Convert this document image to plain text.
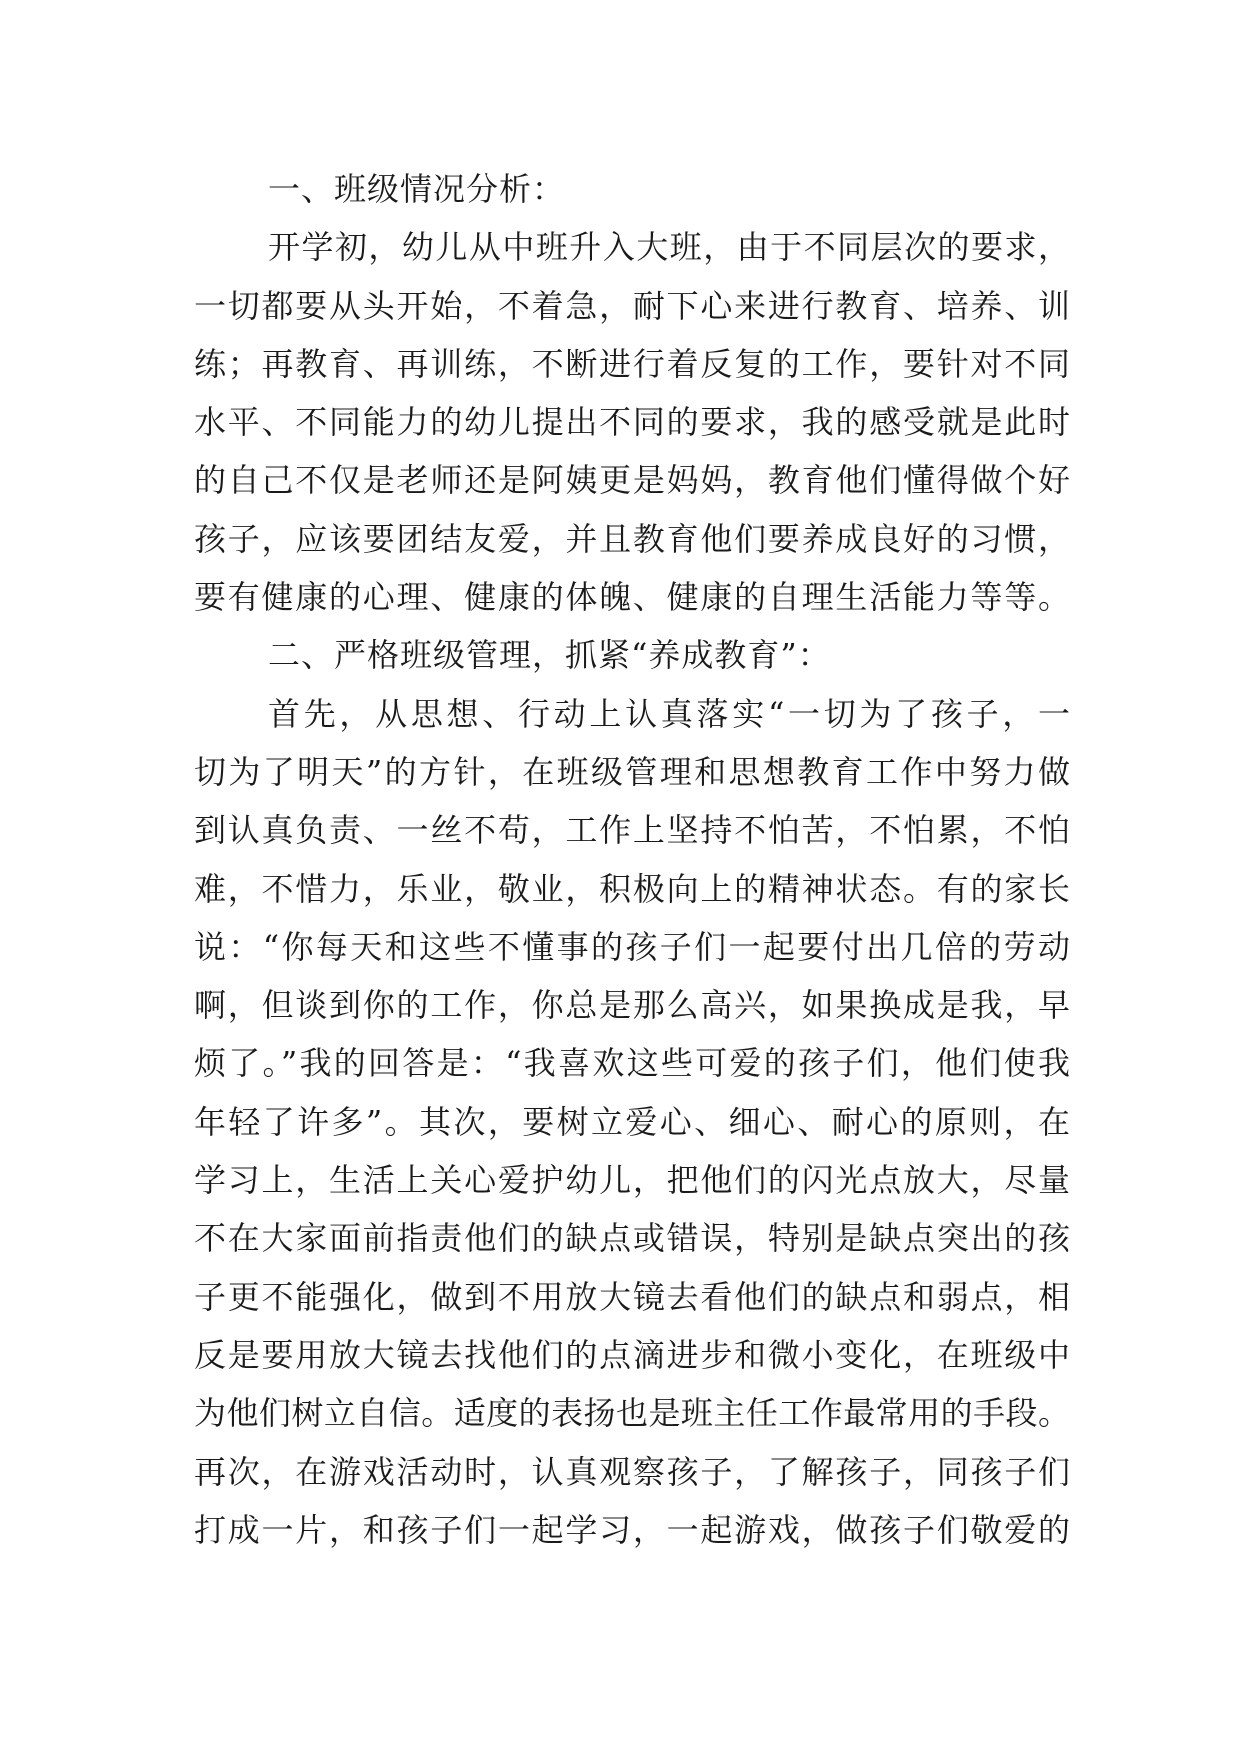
一、班级情况分析：
开学初，幼儿从中班升入大班，由于不同层次的要求，
一切都要从头开始，不着急，耐下心来进行教育、培养、训
练；再教育、再训练，不断进行着反复的工作，要针对不同
水平、不同能力的幼儿提出不同的要求，我的感受就是此时
的自己不仅是老师还是阿姨更是妈妈，教育他们懂得做个好
孩子，应该要团结友爱，并且教育他们要养成良好的习惯，
要有健康的心理、健康的体魄、健康的自理生活能力等等。
二、严格班级管理，抓紧“养成教育”：
首先，从思想、行动上认真落实“一切为了孩子，一
切为了明天”的方针，在班级管理和思想教育工作中努力做
到认真负责、一丝不苟，工作上坚持不怕苦，不怕累，不怕
难，不惜力，乐业，敬业，积极向上的精神状态。有的家长
说：“你每天和这些不懂事的孩子们一起要付出几倍的劳动
啊，但谈到你的工作，你总是那么高兴，如果换成是我，早
烦了。”我的回答是：“我喜欢这些可爱的孩子们，他们使我
年轻了许多”。其次，要树立爱心、细心、耐心的原则，在
学习上，生活上关心爱护幼儿，把他们的闪光点放大，尽量
不在大家面前指责他们的缺点或错误，特别是缺点突出的孩
子更不能强化，做到不用放大镜去看他们的缺点和弱点，相
反是要用放大镜去找他们的点滴进步和微小变化，在班级中
为他们树立自信。适度的表扬也是班主任工作最常用的手段。
再次，在游戏活动时，认真观察孩子，了解孩子，同孩子们
打成一片，和孩子们一起学习，一起游戏，做孩子们敬爱的
